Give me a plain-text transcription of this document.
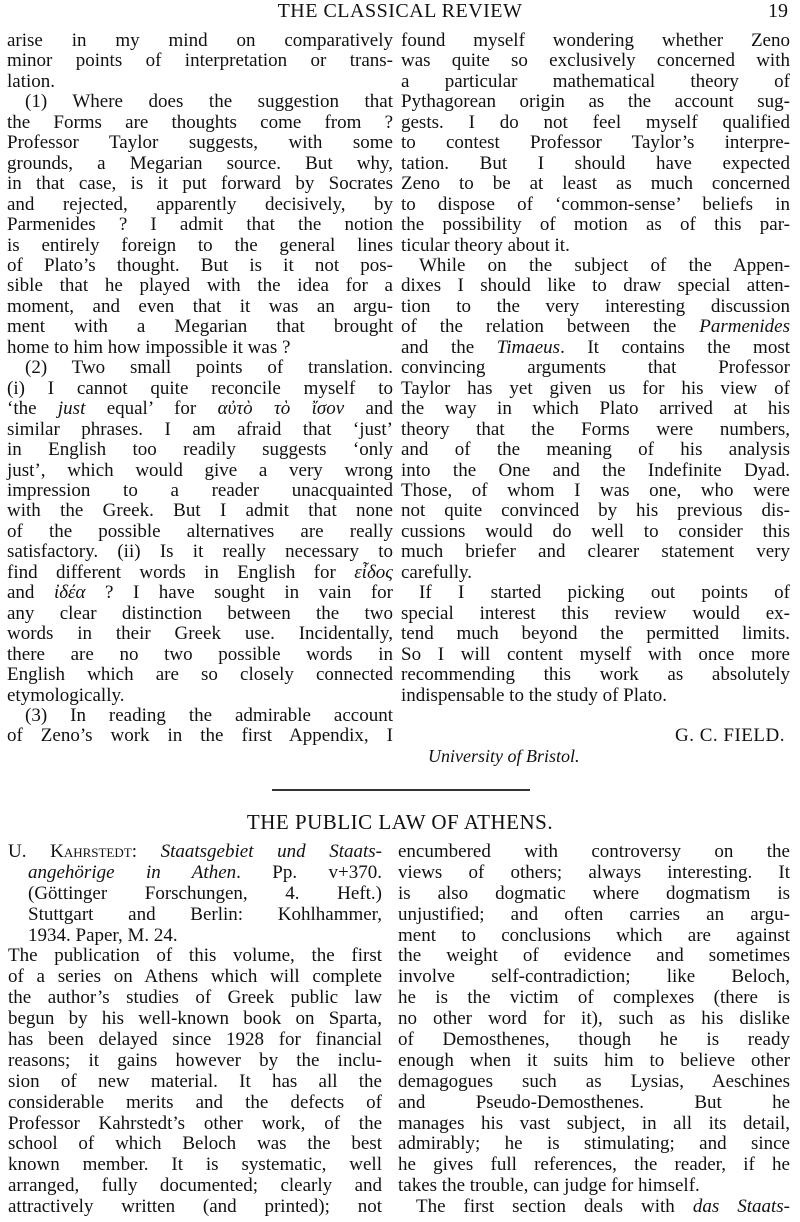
THE CLASSICAL REVIEW	19
arise in my mind on comparatively
minor points of interpretation or trans-
lation.
(1) Where does the suggestion that
the Forms are thoughts come from ?
Professor Taylor suggests, with some
grounds, a Megarian source. But why,
in that case, is it put forward by Socrates
and rejected, apparently decisively, by
Parmenides ? I admit that the notion
is entirely foreign to the general lines
of Plato’s thought. But is it not pos-
sible that he played with the idea for a
moment, and even that it was an argu-
ment with a Megarian that brought
home to him how impossible it was ?
(2) Two small points of translation.
(i) I cannot quite reconcile myself to
‘the just equal’ for αὐτὸ τὸ ἴσον and
similar phrases. I am afraid that ‘just’
in English too readily suggests ‘only
just’, which would give a very wrong
impression to a reader unacquainted
with the Greek. But I admit that none
of the possible alternatives are really
satisfactory. (ii) Is it really necessary to
find different words in English for εἶδος
and ἰδέα ? I have sought in vain for
any clear distinction between the two
words in their Greek use. Incidentally,
there are no two possible words in
English which are so closely connected
etymologically.
(3) In reading the admirable account
of Zeno’s work in the first Appendix, I
found myself wondering whether Zeno
was quite so exclusively concerned with
a particular mathematical theory of
Pythagorean origin as the account sug-
gests. I do not feel myself qualified
to contest Professor Taylor’s interpre-
tation. But I should have expected
Zeno to be at least as much concerned
to dispose of ‘common-sense’ beliefs in
the possibility of motion as of this par-
ticular theory about it.
While on the subject of the Appen-
dixes I should like to draw special atten-
tion to the very interesting discussion
of the relation between the Parmenides
and the Timaeus. It contains the most
convincing arguments that Professor
Taylor has yet given us for his view of
the way in which Plato arrived at his
theory that the Forms were numbers,
and of the meaning of his analysis
into the One and the Indefinite Dyad.
Those, of whom I was one, who were
not quite convinced by his previous dis-
cussions would do well to consider this
much briefer and clearer statement very
carefully.
If I started picking out points of
special interest this review would ex-
tend much beyond the permitted limits.
So I will content myself with once more
recommending this work as absolutely
indispensable to the study of Plato.
G. C. FIELD.
University of Bristol.
THE PUBLIC LAW OF ATHENS.
U. Kahrstedt: Staatsgebiet und Staats-
angehörige in Athen. Pp. v+370.
(Göttinger Forschungen, 4. Heft.)
Stuttgart and Berlin: Kohlhammer,
1934. Paper, M. 24.
The publication of this volume, the first
of a series on Athens which will complete
the author’s studies of Greek public law
begun by his well-known book on Sparta,
has been delayed since 1928 for financial
reasons; it gains however by the inclu-
sion of new material. It has all the
considerable merits and the defects of
Professor Kahrstedt’s other work, of the
school of which Beloch was the best
known member. It is systematic, well
arranged, fully documented; clearly and
attractively written (and printed); not
encumbered with controversy on the
views of others; always interesting. It
is also dogmatic where dogmatism is
unjustified; and often carries an argu-
ment to conclusions which are against
the weight of evidence and sometimes
involve self-contradiction; like Beloch,
he is the victim of complexes (there is
no other word for it), such as his dislike
of Demosthenes, though he is ready
enough when it suits him to believe other
demagogues such as Lysias, Aeschines
and Pseudo-Demosthenes. But he
manages his vast subject, in all its detail,
admirably; he is stimulating; and since
he gives full references, the reader, if he
takes the trouble, can judge for himself.
The first section deals with das Staats-
